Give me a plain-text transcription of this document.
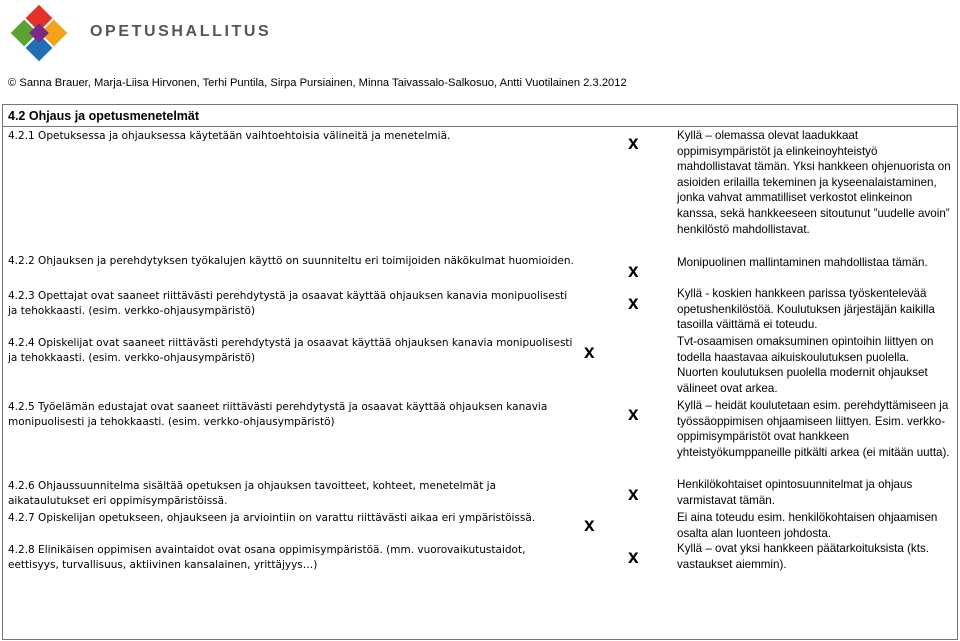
OPETUSHALLITUS
© Sanna Brauer, Marja-Liisa Hirvonen, Terhi Puntila, Sirpa Pursiainen, Minna Taivassalo-Salkosuo, Antti Vuotilainen 2.3.2012
4.2 Ohjaus ja opetusmenetelmät
4.2.1 Opetuksessa ja ohjauksessa käytetään vaihtoehtoisia välineitä ja menetelmiä.
4.2.2 Ohjauksen ja perehdytyksen työkalujen käyttö on suunniteltu eri toimijoiden näkökulmat huomioiden.
4.2.3 Opettajat ovat saaneet riittävästi perehdytystä ja osaavat käyttää ohjauksen kanavia monipuolisesti ja tehokkaasti. (esim. verkko-ohjausympäristö)
4.2.4 Opiskelijat ovat saaneet riittävästi perehdytystä ja osaavat käyttää ohjauksen kanavia monipuolisesti ja tehokkaasti. (esim. verkko-ohjausympäristö)
4.2.5 Työelämän edustajat ovat saaneet riittävästi perehdytystä ja osaavat käyttää ohjauksen kanavia monipuolisesti ja tehokkaasti. (esim. verkko-ohjausympäristö)
4.2.6 Ohjaussuunnitelma sisältää opetuksen ja ohjauksen tavoitteet, kohteet, menetelmät ja aikataulutukset eri oppimisympäristöissä.
4.2.7 Opiskelijan opetukseen, ohjaukseen ja arviointiin on varattu riittävästi aikaa eri ympäristöissä.
4.2.8 Elinikäisen oppimisen avaintaidot ovat osana oppimisympäristöä. (mm. vuorovaikutustaidot, eettisyys, turvallisuus, aktiivinen kansalainen, yrittäjyys…)
x
x
x
x
x
x
x
x
Kyllä – olemassa olevat laadukkaat oppimisympäristöt ja elinkeinoyhteistyö mahdollistavat tämän. Yksi hankkeen ohjenuorista on asioiden erilailla tekeminen ja kyseenalaistaminen, jonka vahvat ammatilliset verkostot elinkeinon kanssa, sekä hankkeeseen sitoutunut ”uudelle avoin” henkilöstö mahdollistavat.
Monipuolinen mallintaminen mahdollistaa tämän.
Kyllä - koskien hankkeen parissa työskentelevää opetushenkilöstöä. Koulutuksen järjestäjän kaikilla tasoilla väittämä ei toteudu.
Tvt-osaamisen omaksuminen opintoihin liittyen on todella haastavaa aikuiskoulutuksen puolella. Nuorten koulutuksen puolella modernit ohjaukset välineet ovat arkea.
Kyllä – heidät koulutetaan esim. perehdyttämiseen ja työssäoppimisen ohjaamiseen liittyen. Esim. verkko-oppimisympäristöt ovat hankkeen yhteistyökumppaneille pitkälti arkea (ei mitään uutta).
Henkilökohtaiset opintosuunnitelmat ja ohjaus varmistavat tämän.
Ei aina toteudu esim. henkilökohtaisen ohjaamisen osalta alan luonteen johdosta.
Kyllä – ovat yksi hankkeen päätarkoituksista (kts. vastaukset aiemmin).
